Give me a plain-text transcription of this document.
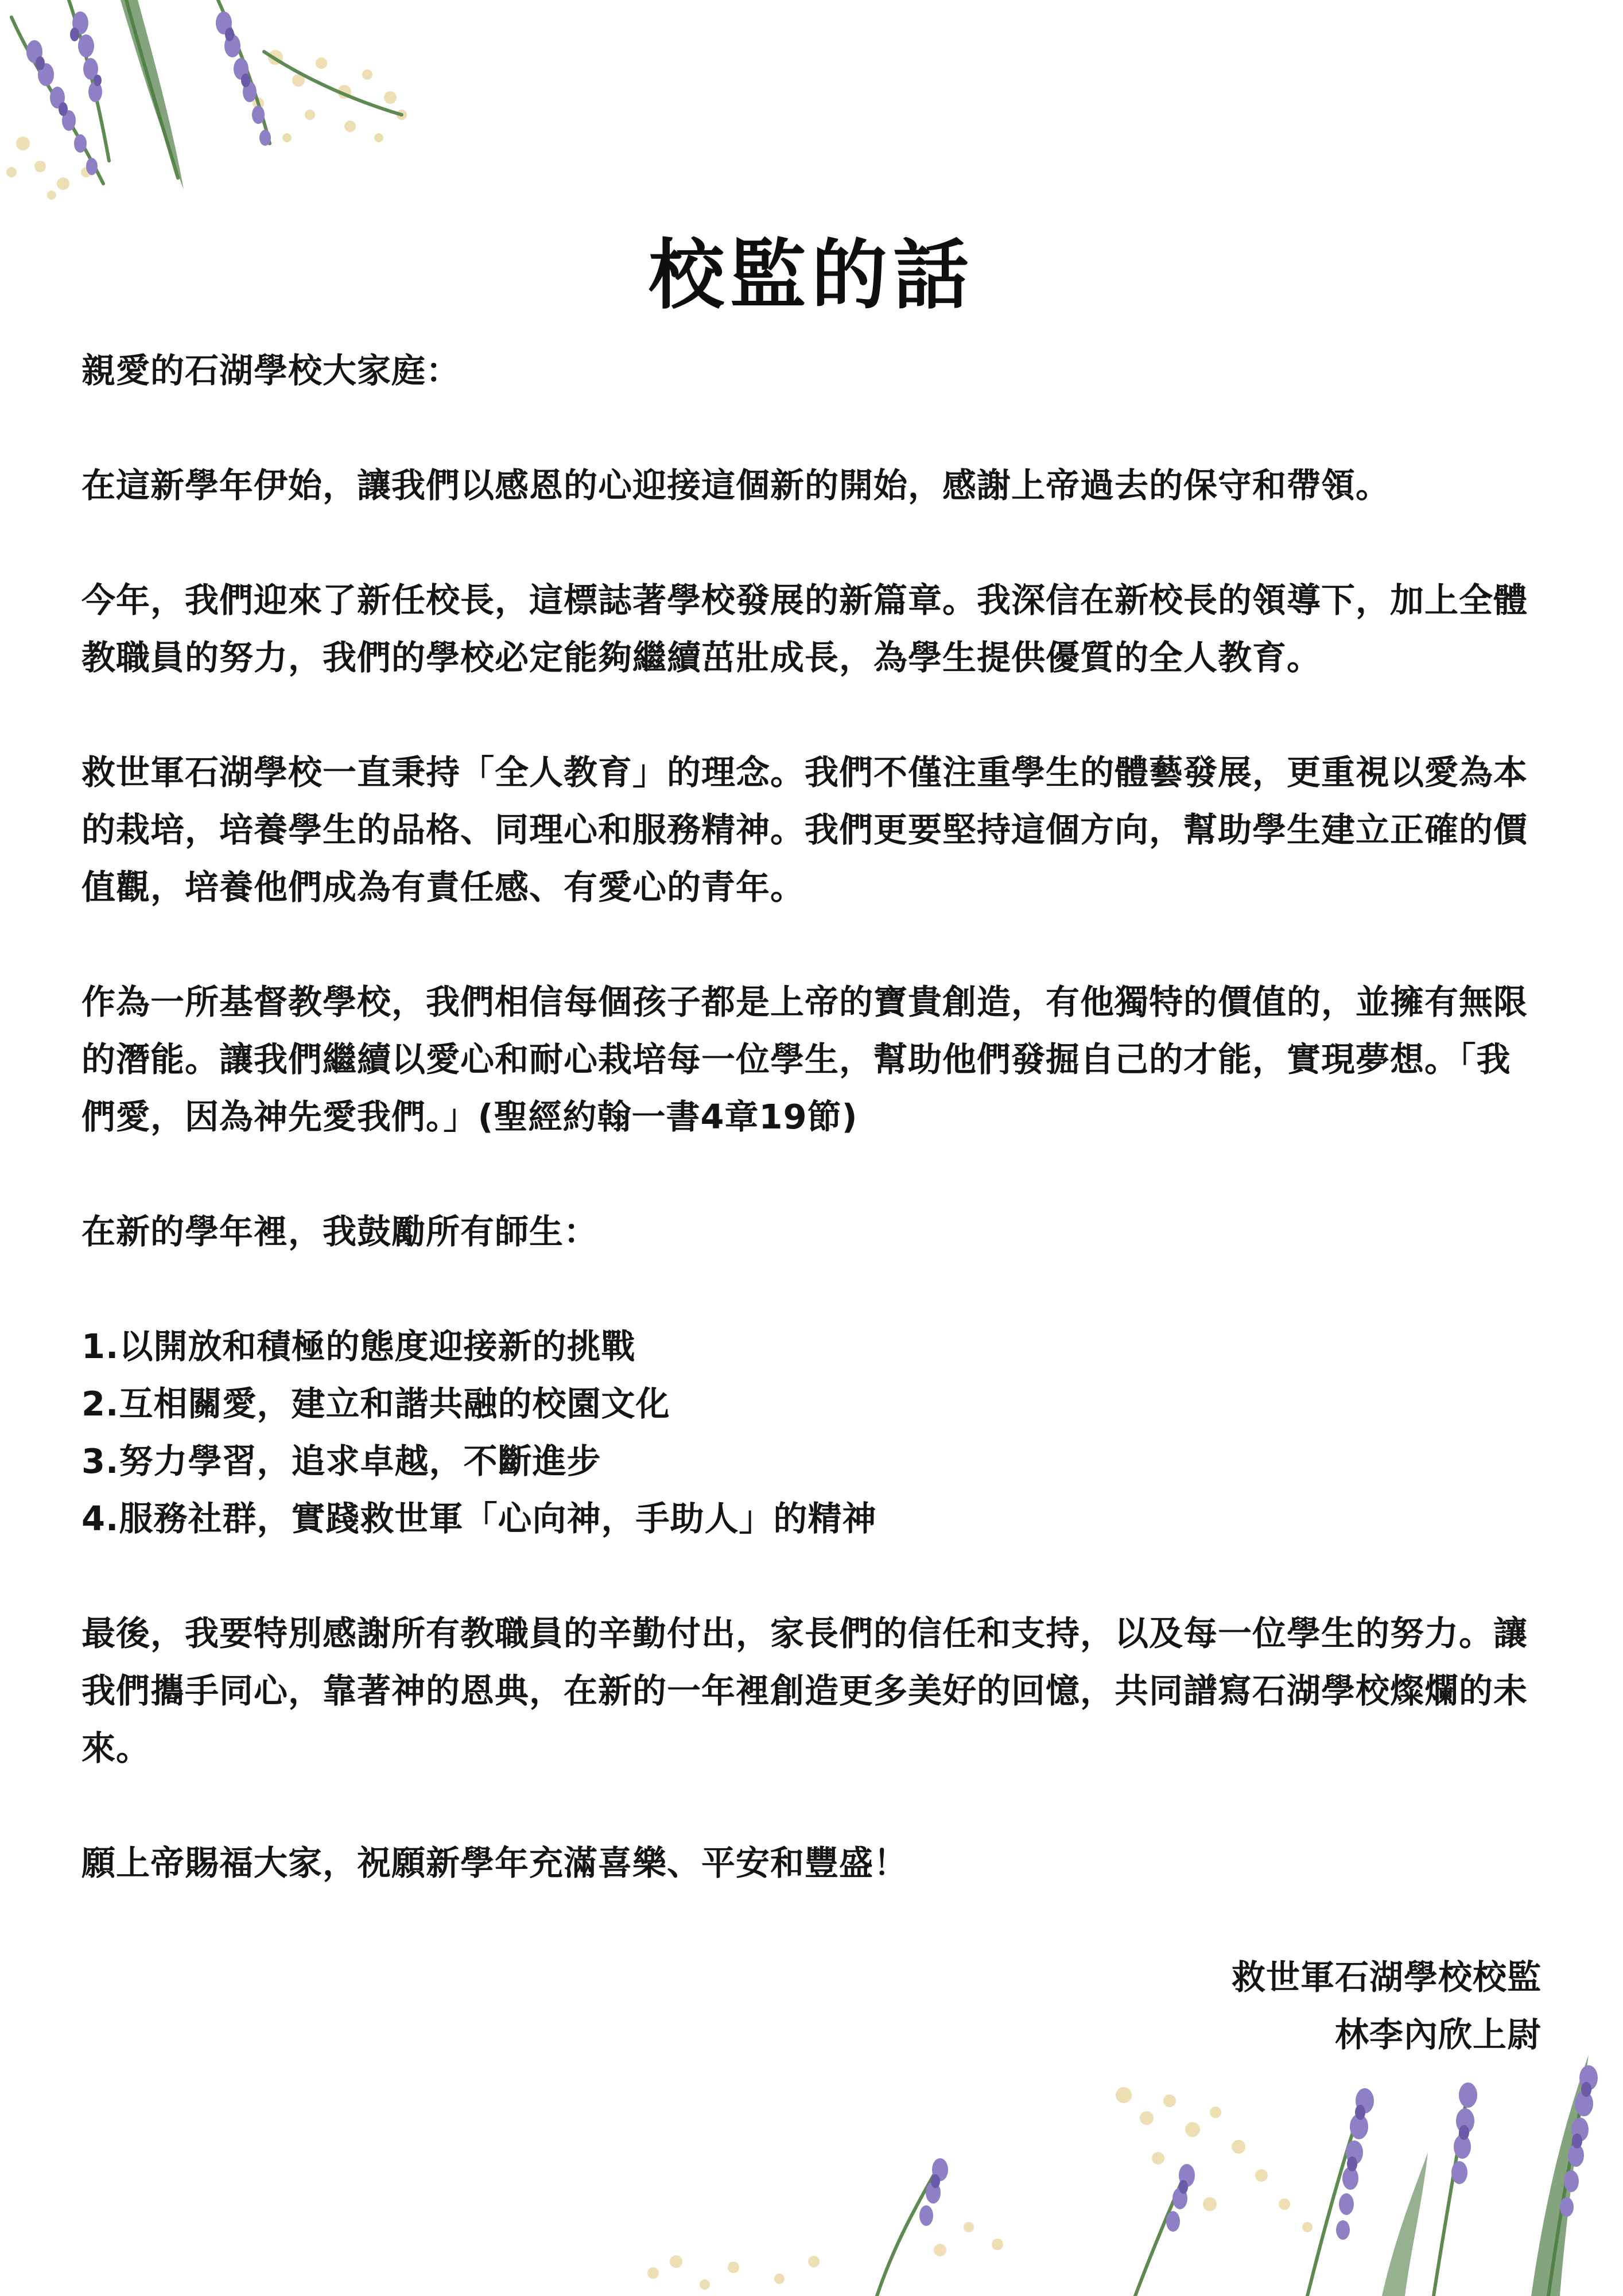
校監的話

親愛的石湖學校大家庭：

在這新學年伊始，讓我們以感恩的心迎接這個新的開始，感謝上帝過去的保守和帶領。

今年，我們迎來了新任校長，這標誌著學校發展的新篇章。我深信在新校長的領導下，加上全體教職員的努力，我們的學校必定能夠繼續茁壯成長，為學生提供優質的全人教育。

救世軍石湖學校一直秉持「全人教育」的理念。我們不僅注重學生的體藝發展，更重視以愛為本的栽培，培養學生的品格、同理心和服務精神。我們更要堅持這個方向，幫助學生建立正確的價值觀，培養他們成為有責任感、有愛心的青年。

作為一所基督教學校，我們相信每個孩子都是上帝的寶貴創造，有他獨特的價值的，並擁有無限的潛能。讓我們繼續以愛心和耐心栽培每一位學生，幫助他們發掘自己的才能，實現夢想。「我們愛，因為神先愛我們。」(聖經約翰一書4章19節)

在新的學年裡，我鼓勵所有師生：

1.以開放和積極的態度迎接新的挑戰
2.互相關愛，建立和諧共融的校園文化
3.努力學習，追求卓越，不斷進步
4.服務社群，實踐救世軍「心向神，手助人」的精神

最後，我要特別感謝所有教職員的辛勤付出，家長們的信任和支持，以及每一位學生的努力。讓我們攜手同心，靠著神的恩典，在新的一年裡創造更多美好的回憶，共同譜寫石湖學校燦爛的未來。

願上帝賜福大家，祝願新學年充滿喜樂、平安和豐盛！

救世軍石湖學校校監
林李內欣上尉
